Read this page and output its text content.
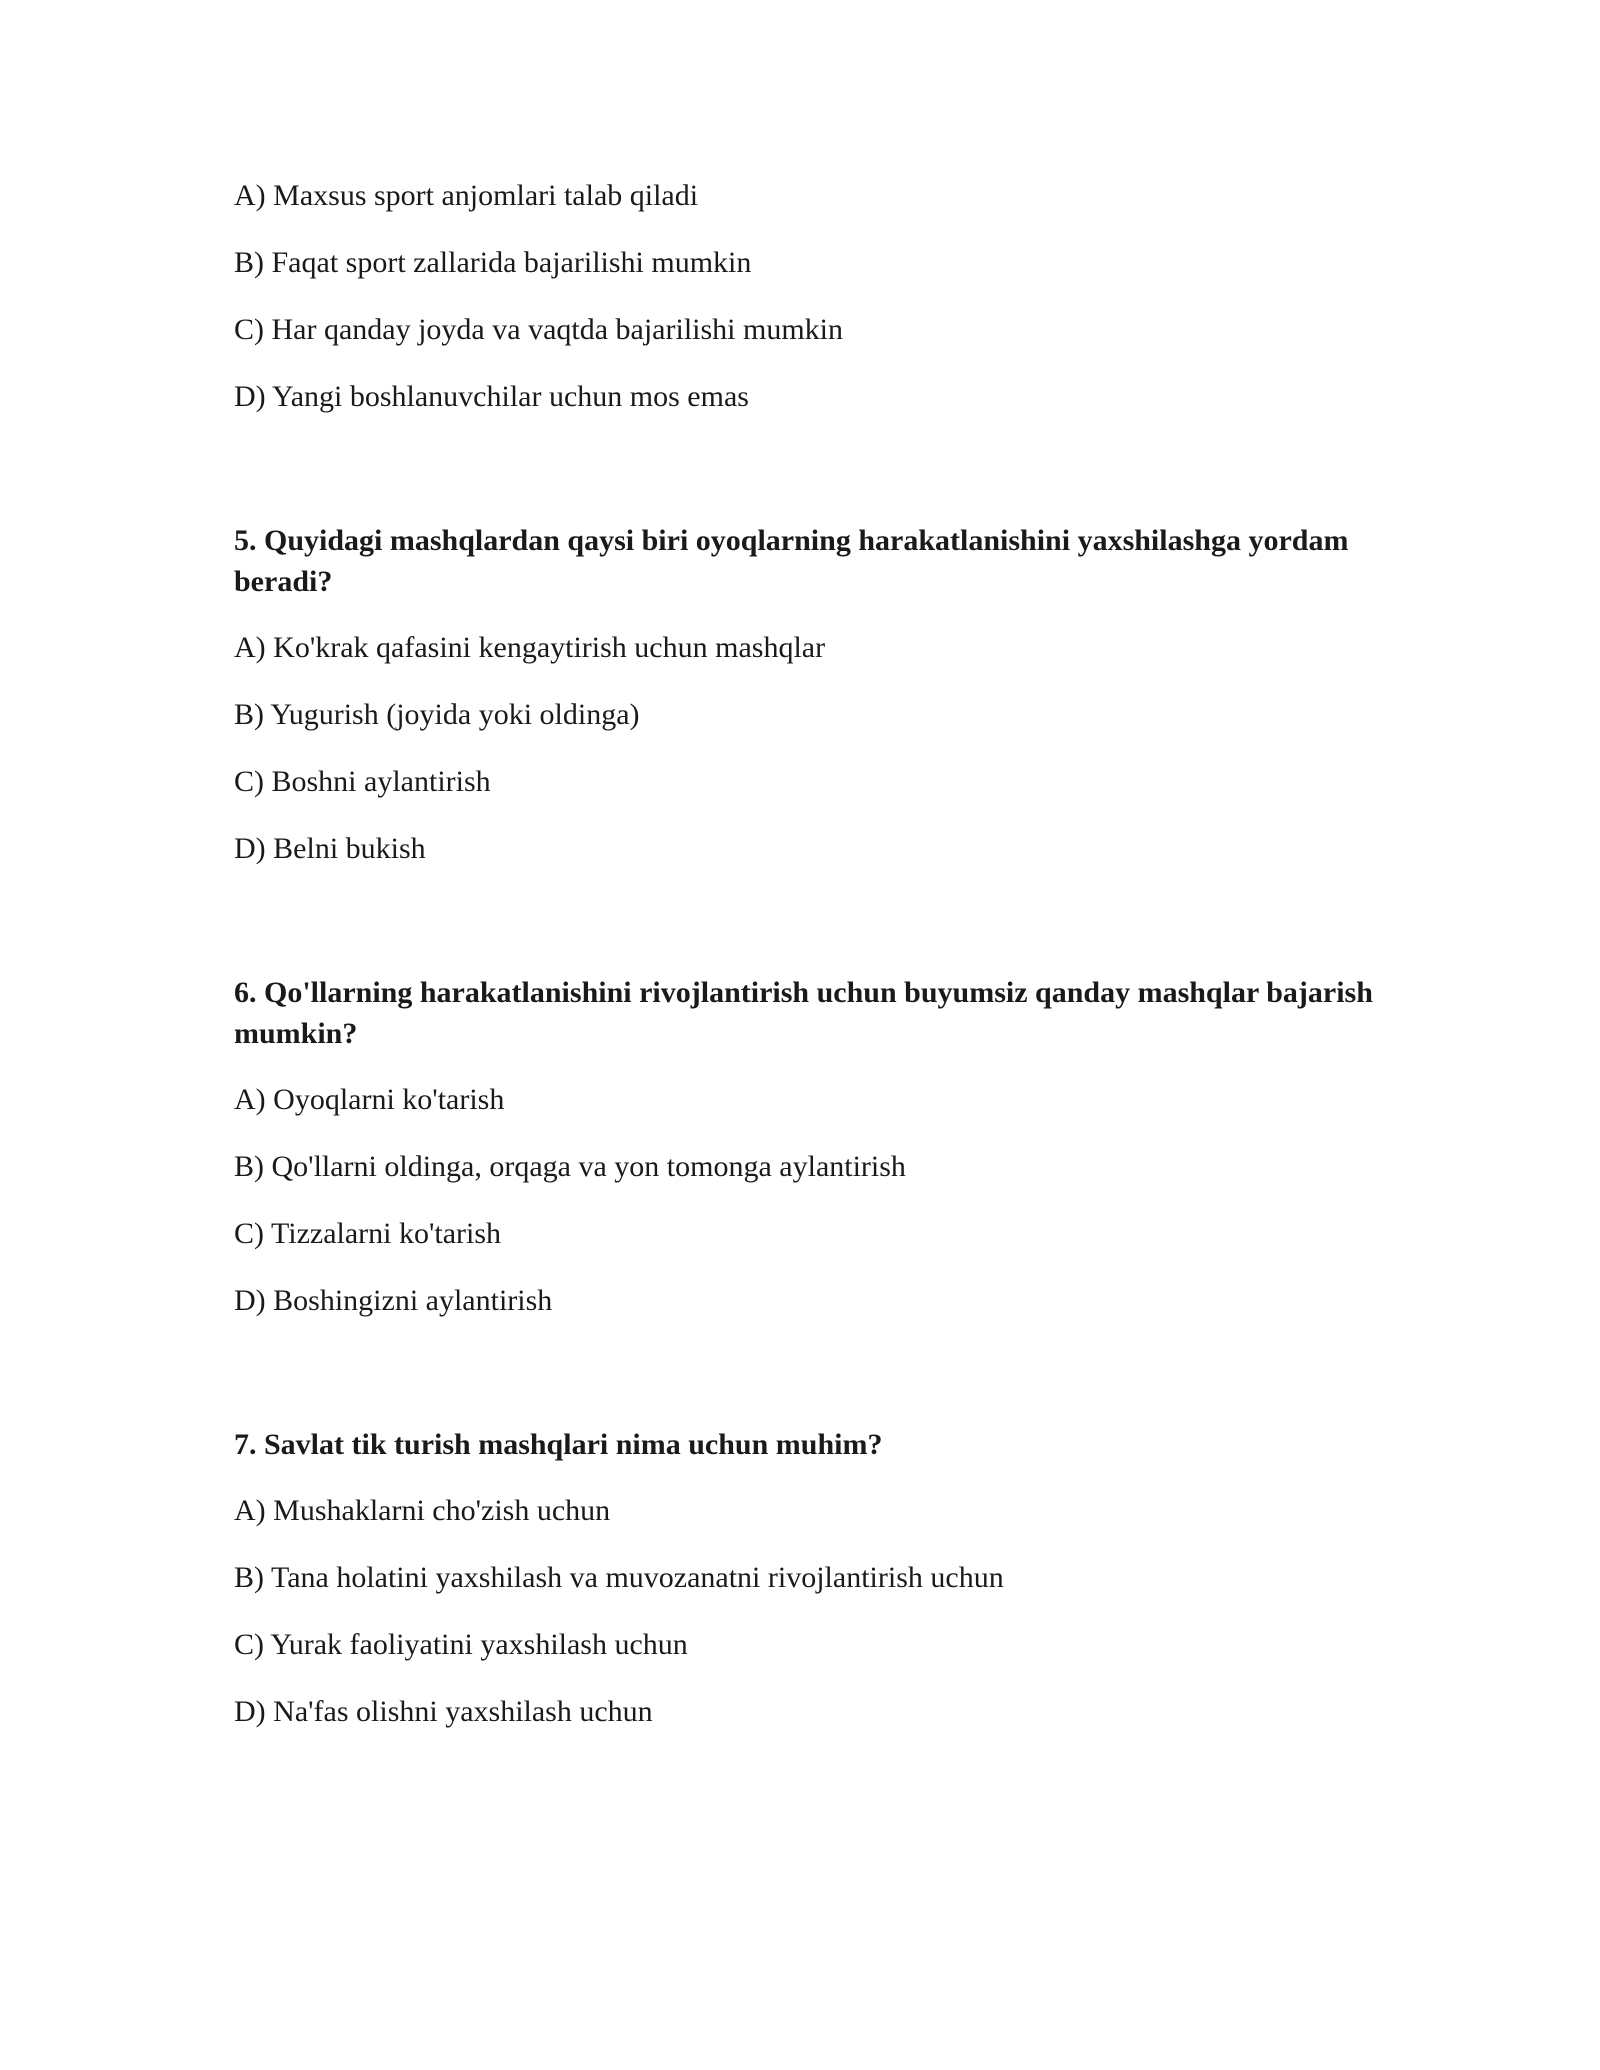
A) Maxsus sport anjomlari talab qiladi
B) Faqat sport zallarida bajarilishi mumkin
C) Har qanday joyda va vaqtda bajarilishi mumkin
D) Yangi boshlanuvchilar uchun mos emas
5. Quyidagi mashqlardan qaysi biri oyoqlarning harakatlanishini yaxshilashga yordam beradi?
A) Ko'krak qafasini kengaytirish uchun mashqlar
B) Yugurish (joyida yoki oldinga)
C) Boshni aylantirish
D) Belni bukish
6. Qo'llarning harakatlanishini rivojlantirish uchun buyumsiz qanday mashqlar bajarish mumkin?
A) Oyoqlarni ko'tarish
B) Qo'llarni oldinga, orqaga va yon tomonga aylantirish
C) Tizzalarni ko'tarish
D) Boshingizni aylantirish
7. Savlat tik turish mashqlari nima uchun muhim?
A) Mushaklarni cho'zish uchun
B) Tana holatini yaxshilash va muvozanatni rivojlantirish uchun
C) Yurak faoliyatini yaxshilash uchun
D) Na'fas olishni yaxshilash uchun
